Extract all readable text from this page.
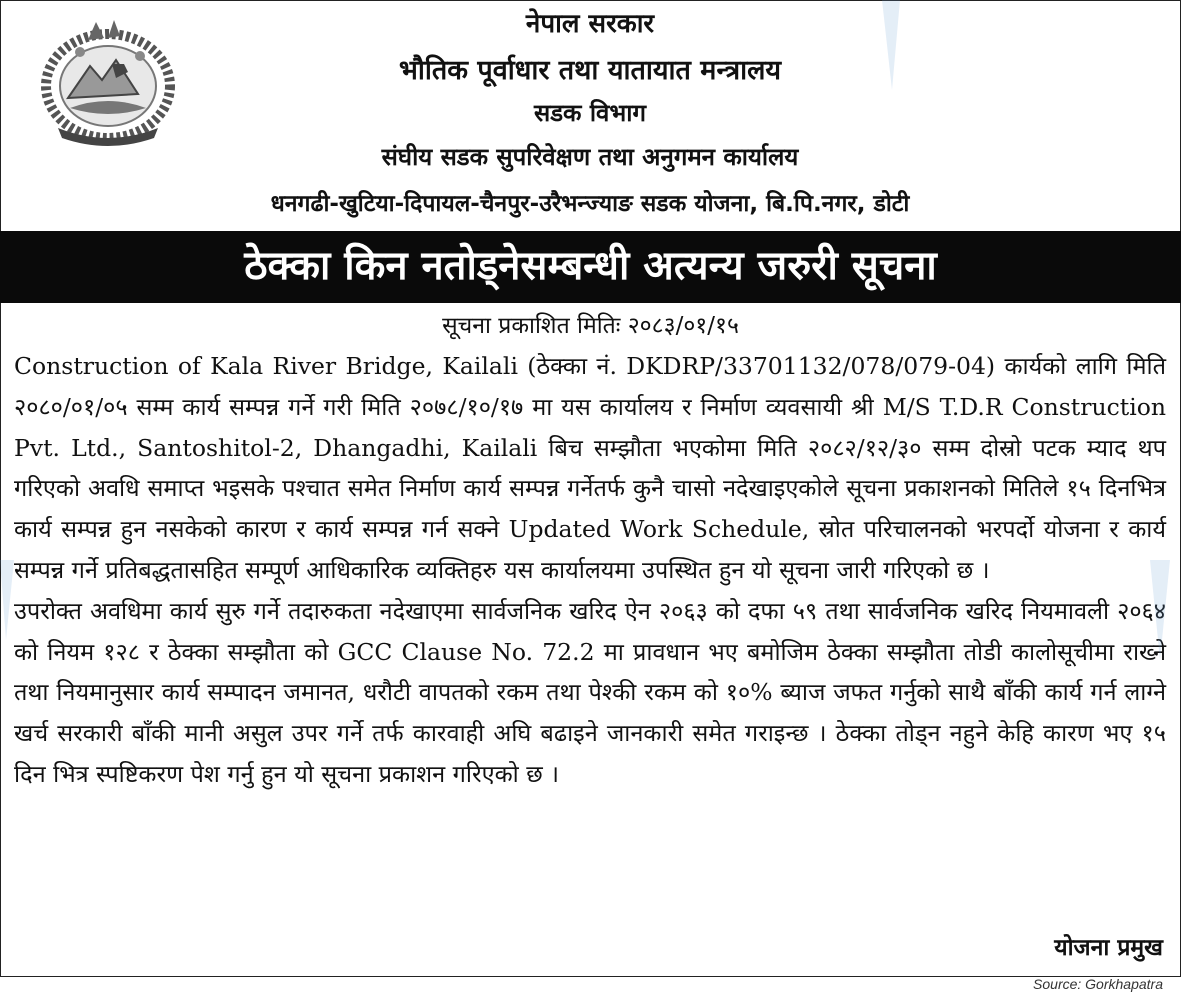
नेपाल सरकार
भौतिक पूर्वाधार तथा यातायात मन्त्रालय
सडक विभाग
संघीय सडक सुपरिवेक्षण तथा अनुगमन कार्यालय
धनगढी-खुटिया-दिपायल-चैनपुर-उरैभन्ज्याङ सडक योजना, बि.पि.नगर, डोटी
ठेक्का किन नतोड्नेसम्बन्धी अत्यन्य जरुरी सूचना
सूचना प्रकाशित मितिः २०८३/०१/१५
Construction of Kala River Bridge, Kailali (ठेक्का नं. DKDRP/33701132/078/079-04) कार्यको लागि मिति २०८०/०१/०५ सम्म कार्य सम्पन्न गर्ने गरी मिति २०७८/१०/१७ मा यस कार्यालय र निर्माण व्यवसायी श्री M/S T.D.R Construction Pvt. Ltd., Santoshitol-2, Dhangadhi, Kailali बिच सम्झौता भएकोमा मिति २०८२/१२/३० सम्म दोस्रो पटक म्याद थप गरिएको अवधि समाप्त भइसके पश्चात समेत निर्माण कार्य सम्पन्न गर्नेतर्फ कुनै चासो नदेखाइएकोले सूचना प्रकाशनको मितिले १५ दिनभित्र कार्य सम्पन्न हुन नसकेको कारण र कार्य सम्पन्न गर्न सक्ने Updated Work Schedule, स्रोत परिचालनको भरपर्दो योजना र कार्य सम्पन्न गर्ने प्रतिबद्धतासहित सम्पूर्ण आधिकारिक व्यक्तिहरु यस कार्यालयमा उपस्थित हुन यो सूचना जारी गरिएको छ ।
उपरोक्त अवधिमा कार्य सुरु गर्ने तदारुकता नदेखाएमा सार्वजनिक खरिद ऐन २०६३ को दफा ५९ तथा सार्वजनिक खरिद नियमावली २०६४ को नियम १२८ र ठेक्का सम्झौता को GCC Clause No. 72.2 मा प्रावधान भए बमोजिम ठेक्का सम्झौता तोडी कालोसूचीमा राख्ने तथा नियमानुसार कार्य सम्पादन जमानत, धरौटी वापतको रकम तथा पेश्की रकम को १०% ब्याज जफत गर्नुको साथै बाँकी कार्य गर्न लाग्ने खर्च सरकारी बाँकी मानी असुल उपर गर्ने तर्फ कारवाही अघि बढाइने जानकारी समेत गराइन्छ । ठेक्का तोड्न नहुने केहि कारण भए १५ दिन भित्र स्पष्टिकरण पेश गर्नु हुन यो सूचना प्रकाशन गरिएको छ ।
योजना प्रमुख
Source: Gorkhapatra
